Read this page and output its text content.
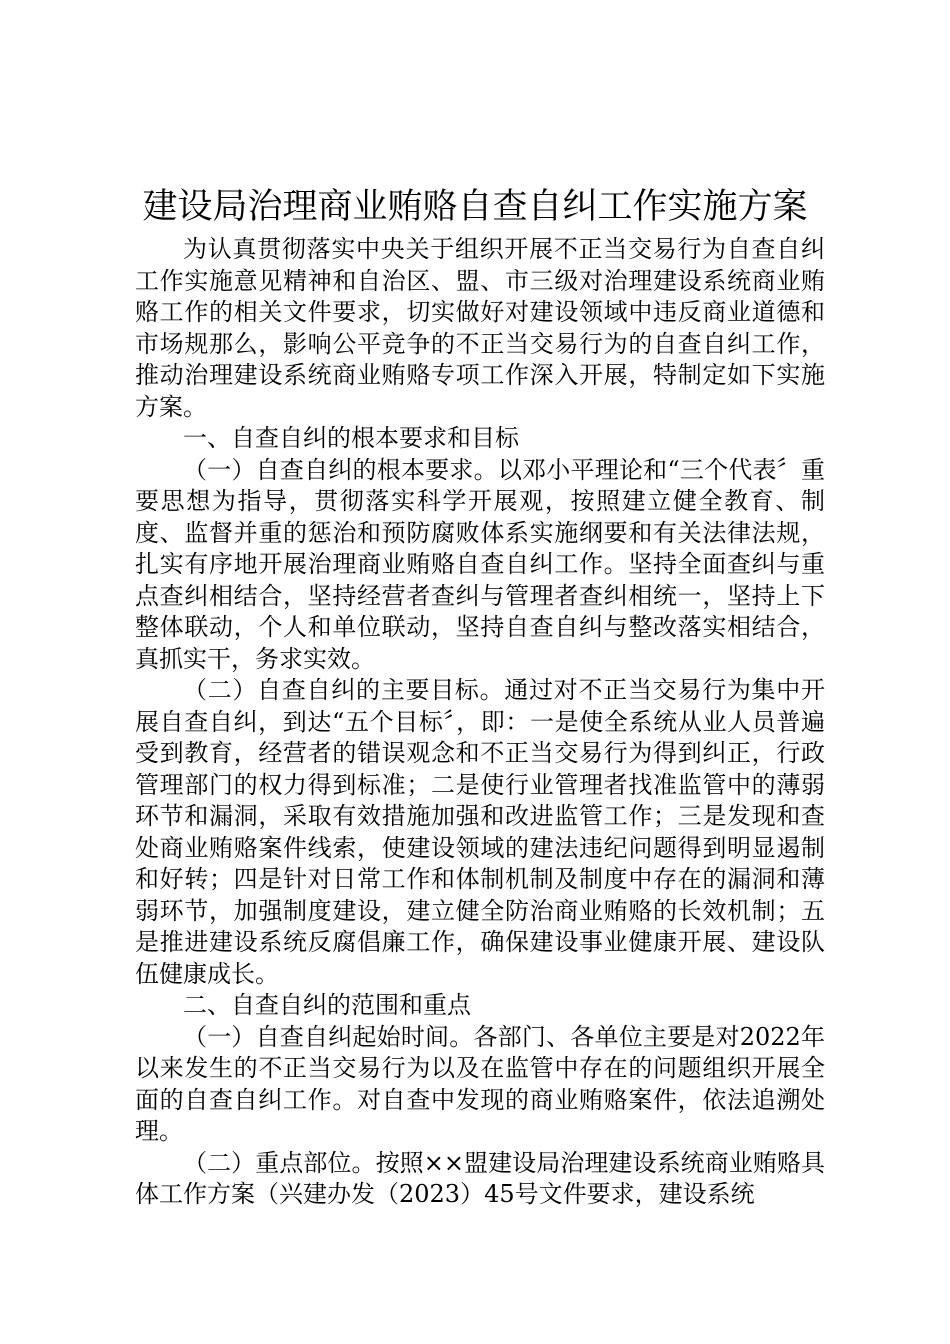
建设局治理商业贿赂自查自纠工作实施方案

为认真贯彻落实中央关于组织开展不正当交易行为自查自纠工作实施意见精神和自治区、盟、市三级对治理建设系统商业贿赂工作的相关文件要求，切实做好对建设领域中违反商业道德和市场规那么，影响公平竞争的不正当交易行为的自查自纠工作，推动治理建设系统商业贿赂专项工作深入开展，特制定如下实施方案。

一、自查自纠的根本要求和目标

（一）自查自纠的根本要求。以邓小平理论和“三个代表〞重要思想为指导，贯彻落实科学开展观，按照建立健全教育、制度、监督并重的惩治和预防腐败体系实施纲要和有关法律法规，扎实有序地开展治理商业贿赂自查自纠工作。坚持全面查纠与重点查纠相结合，坚持经营者查纠与管理者查纠相统一，坚持上下整体联动，个人和单位联动，坚持自查自纠与整改落实相结合，真抓实干，务求实效。

（二）自查自纠的主要目标。通过对不正当交易行为集中开展自查自纠，到达“五个目标〞，即：一是使全系统从业人员普遍受到教育，经营者的错误观念和不正当交易行为得到纠正，行政管理部门的权力得到标准；二是使行业管理者找准监管中的薄弱环节和漏洞，采取有效措施加强和改进监管工作；三是发现和查处商业贿赂案件线索，使建设领域的建法违纪问题得到明显遏制和好转；四是针对日常工作和体制机制及制度中存在的漏洞和薄弱环节，加强制度建设，建立健全防治商业贿赂的长效机制；五是推进建设系统反腐倡廉工作，确保建设事业健康开展、建设队伍健康成长。

二、自查自纠的范围和重点

（一）自查自纠起始时间。各部门、各单位主要是对2022年以来发生的不正当交易行为以及在监管中存在的问题组织开展全面的自查自纠工作。对自查中发现的商业贿赂案件，依法追溯处理。

（二）重点部位。按照××盟建设局治理建设系统商业贿赂具体工作方案（兴建办发（2023）45号文件要求，建设系统
